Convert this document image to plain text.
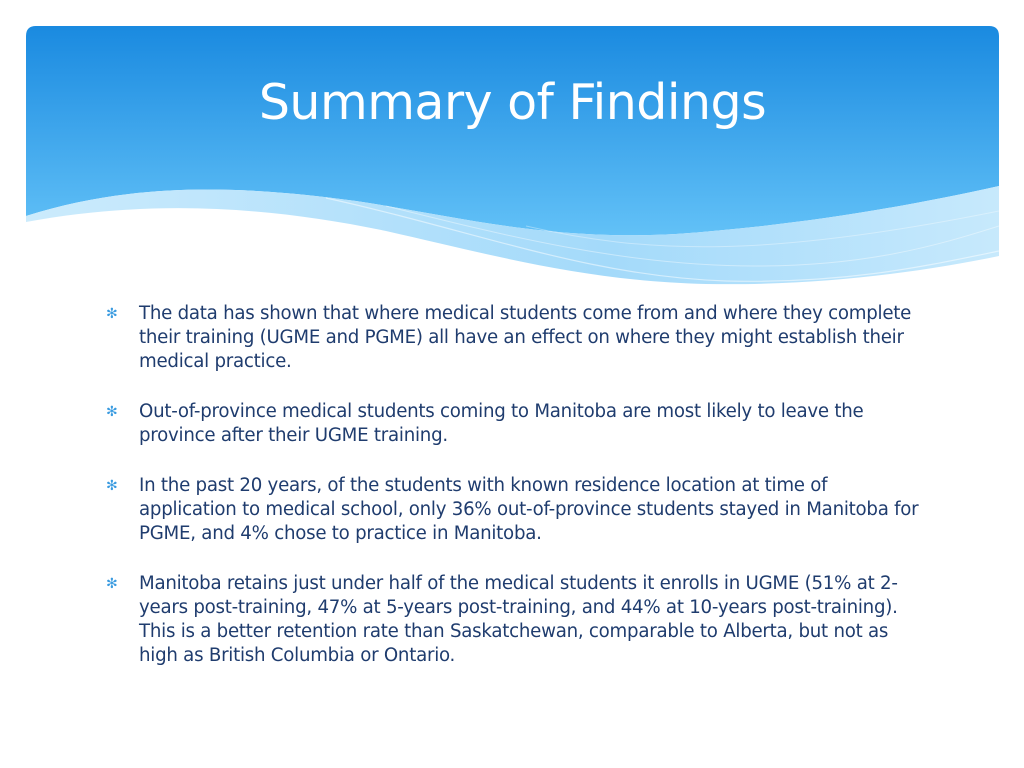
Summary of Findings
✻ The data has shown that where medical students come from and where they complete their training (UGME and PGME) all have an effect on where they might establish their medical practice.
✻ Out-of-province medical students coming to Manitoba are most likely to leave the province after their UGME training.
✻ In the past 20 years, of the students with known residence location at time of application to medical school, only 36% out-of-province students stayed in Manitoba for PGME, and 4% chose to practice in Manitoba.
✻ Manitoba retains just under half of the medical students it enrolls in UGME (51% at 2-years post-training, 47% at 5-years post-training, and 44% at 10-years post-training). This is a better retention rate than Saskatchewan, comparable to Alberta, but not as high as British Columbia or Ontario.
